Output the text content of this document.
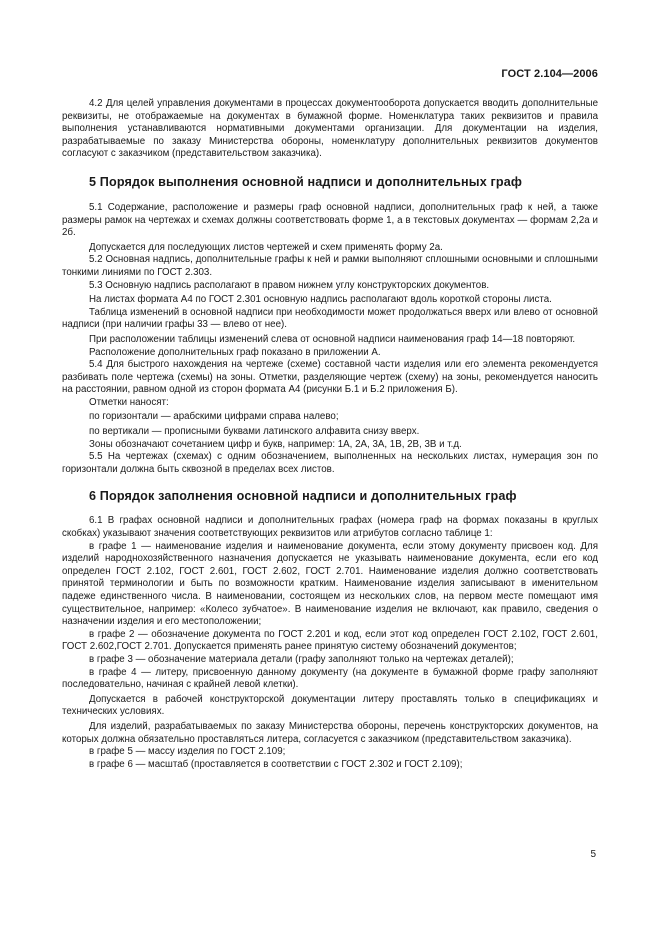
ГОСТ 2.104—2006

4.2 Для целей управления документами в процессах документооборота допускается вводить дополнительные реквизиты, не отображаемые на документах в бумажной форме. Номенклатура таких реквизитов и правила выполнения устанавливаются нормативными документами организации. Для документации на изделия, разрабатываемые по заказу Министерства обороны, номенклатуру дополнительных реквизитов документов согласуют с заказчиком (представительством заказчика).

5 Порядок выполнения основной надписи и дополнительных граф

5.1 Содержание, расположение и размеры граф основной надписи, дополнительных граф к ней, а также размеры рамок на чертежах и схемах должны соответствовать форме 1, а в текстовых документах — формам 2,2а и 2б.

Допускается для последующих листов чертежей и схем применять форму 2а.

5.2 Основная надпись, дополнительные графы к ней и рамки выполняют сплошными основными и сплошными тонкими линиями по ГОСТ 2.303.

5.3 Основную надпись располагают в правом нижнем углу конструкторских документов.

На листах формата А4 по ГОСТ 2.301 основную надпись располагают вдоль короткой стороны листа.

Таблица изменений в основной надписи при необходимости может продолжаться вверх или влево от основной надписи (при наличии графы 33 — влево от нее).

При расположении таблицы изменений слева от основной надписи наименования граф 14—18 повторяют.

Расположение дополнительных граф показано в приложении А.

5.4 Для быстрого нахождения на чертеже (схеме) составной части изделия или его элемента рекомендуется разбивать поле чертежа (схемы) на зоны. Отметки, разделяющие чертеж (схему) на зоны, рекомендуется наносить на расстоянии, равном одной из сторон формата А4 (рисунки Б.1 и Б.2 приложения Б).

Отметки наносят:

по горизонтали — арабскими цифрами справа налево;

по вертикали — прописными буквами латинского алфавита снизу вверх.

Зоны обозначают сочетанием цифр и букв, например: 1А, 2А, 3А, 1В, 2В, 3В и т.д.

5.5 На чертежах (схемах) с одним обозначением, выполненных на нескольких листах, нумерация зон по горизонтали должна быть сквозной в пределах всех листов.

6 Порядок заполнения основной надписи и дополнительных граф

6.1 В графах основной надписи и дополнительных графах (номера граф на формах показаны в круглых скобках) указывают значения соответствующих реквизитов или атрибутов согласно таблице 1:

в графе 1 — наименование изделия и наименование документа, если этому документу присвоен код. Для изделий народнохозяйственного назначения допускается не указывать наименование документа, если его код определен ГОСТ 2.102, ГОСТ 2.601, ГОСТ 2.602, ГОСТ 2.701. Наименование изделия должно соответствовать принятой терминологии и быть по возможности кратким. Наименование изделия записывают в именительном падеже единственного числа. В наименовании, состоящем из нескольких слов, на первом месте помещают имя существительное, например: «Колесо зубчатое». В наименование изделия не включают, как правило, сведения о назначении изделия и его местоположении;

в графе 2 — обозначение документа по ГОСТ 2.201 и код, если этот код определен ГОСТ 2.102, ГОСТ 2.601, ГОСТ 2.602,ГОСТ 2.701. Допускается применять ранее принятую систему обозначений документов;

в графе 3 — обозначение материала детали (графу заполняют только на чертежах деталей);

в графе 4 — литеру, присвоенную данному документу (на документе в бумажной форме графу заполняют последовательно, начиная с крайней левой клетки).

Допускается в рабочей конструкторской документации литеру проставлять только в спецификациях и технических условиях.

Для изделий, разрабатываемых по заказу Министерства обороны, перечень конструкторских документов, на которых должна обязательно проставляться литера, согласуется с заказчиком (представительством заказчика).

в графе 5 — массу изделия по ГОСТ 2.109;

в графе 6 — масштаб (проставляется в соответствии с ГОСТ 2.302 и ГОСТ 2.109);

5
